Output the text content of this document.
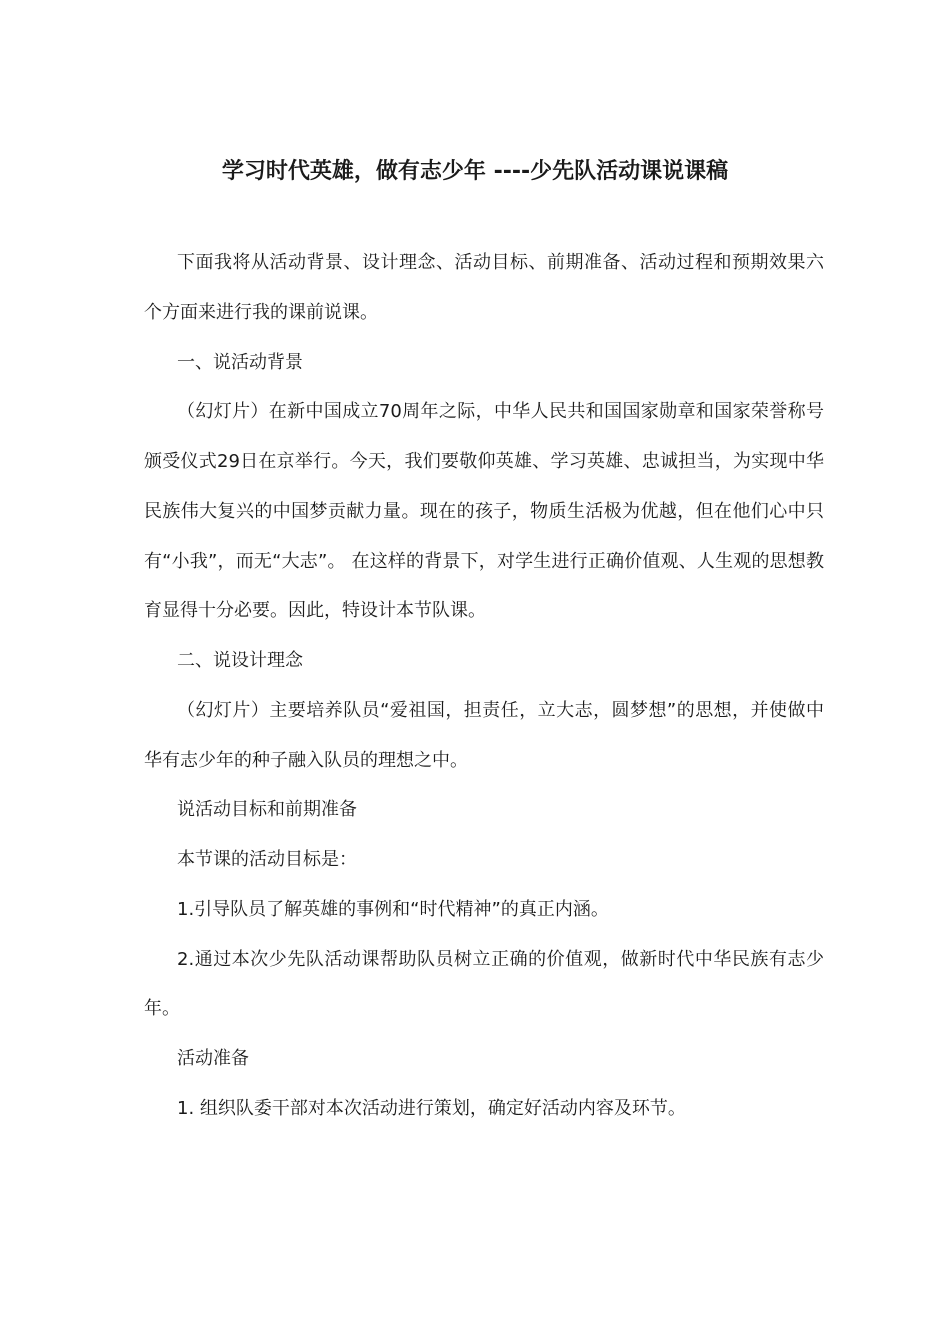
学习时代英雄，做有志少年 ----少先队活动课说课稿

下面我将从活动背景、设计理念、活动目标、前期准备、活动过程和预期效果六个方面来进行我的课前说课。

一、说活动背景

（幻灯片）在新中国成立70周年之际，中华人民共和国国家勋章和国家荣誉称号颁受仪式29日在京举行。今天，我们要敬仰英雄、学习英雄、忠诚担当，为实现中华民族伟大复兴的中国梦贡献力量。现在的孩子，物质生活极为优越，但在他们心中只有“小我”，而无“大志”。 在这样的背景下，对学生进行正确价值观、人生观的思想教育显得十分必要。因此，特设计本节队课。

二、说设计理念

（幻灯片）主要培养队员“爱祖国，担责任，立大志，圆梦想”的思想，并使做中华有志少年的种子融入队员的理想之中。

说活动目标和前期准备

本节课的活动目标是：

1.引导队员了解英雄的事例和“时代精神”的真正内涵。

2.通过本次少先队活动课帮助队员树立正确的价值观，做新时代中华民族有志少年。

活动准备

1. 组织队委干部对本次活动进行策划，确定好活动内容及环节。
